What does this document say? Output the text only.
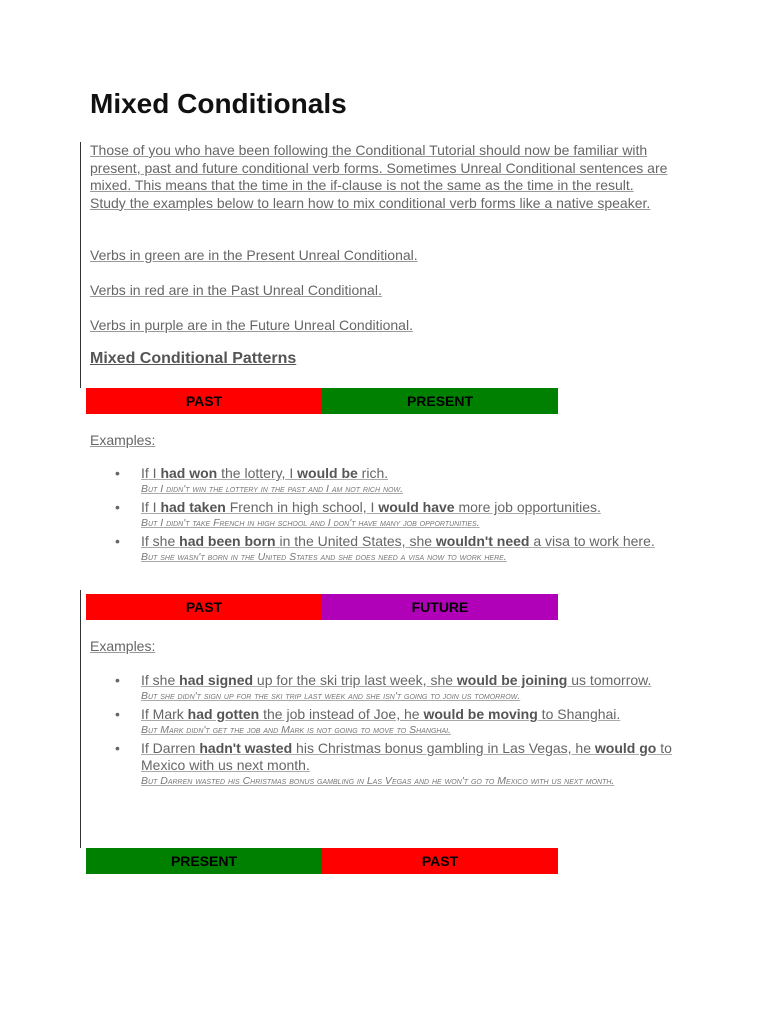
Mixed Conditionals

Those of you who have been following the Conditional Tutorial should now be familiar with present, past and future conditional verb forms. Sometimes Unreal Conditional sentences are mixed. This means that the time in the if-clause is not the same as the time in the result. Study the examples below to learn how to mix conditional verb forms like a native speaker.

Verbs in green are in the Present Unreal Conditional.

Verbs in red are in the Past Unreal Conditional.

Verbs in purple are in the Future Unreal Conditional.

Mixed Conditional Patterns
PAST	PRESENT

Examples:

•	If I had won the lottery, I would be rich.
But I didn't win the lottery in the past and I am not rich now.
•	If I had taken French in high school, I would have more job opportunities.
But I didn't take French in high school and I don't have many job opportunities.
•	If she had been born in the United States, she wouldn't need a visa to work here.
But she wasn't born in the United States and she does need a visa now to work here.
PAST	FUTURE

Examples:

•	If she had signed up for the ski trip last week, she would be joining us tomorrow.
But she didn't sign up for the ski trip last week and she isn't going to join us tomorrow.
•	If Mark had gotten the job instead of Joe, he would be moving to Shanghai.
But Mark didn't get the job and Mark is not going to move to Shanghai.
•	If Darren hadn't wasted his Christmas bonus gambling in Las Vegas, he would go to Mexico with us next month.
But Darren wasted his Christmas bonus gambling in Las Vegas and he won't go to Mexico with us next month.
PRESENT	PAST
